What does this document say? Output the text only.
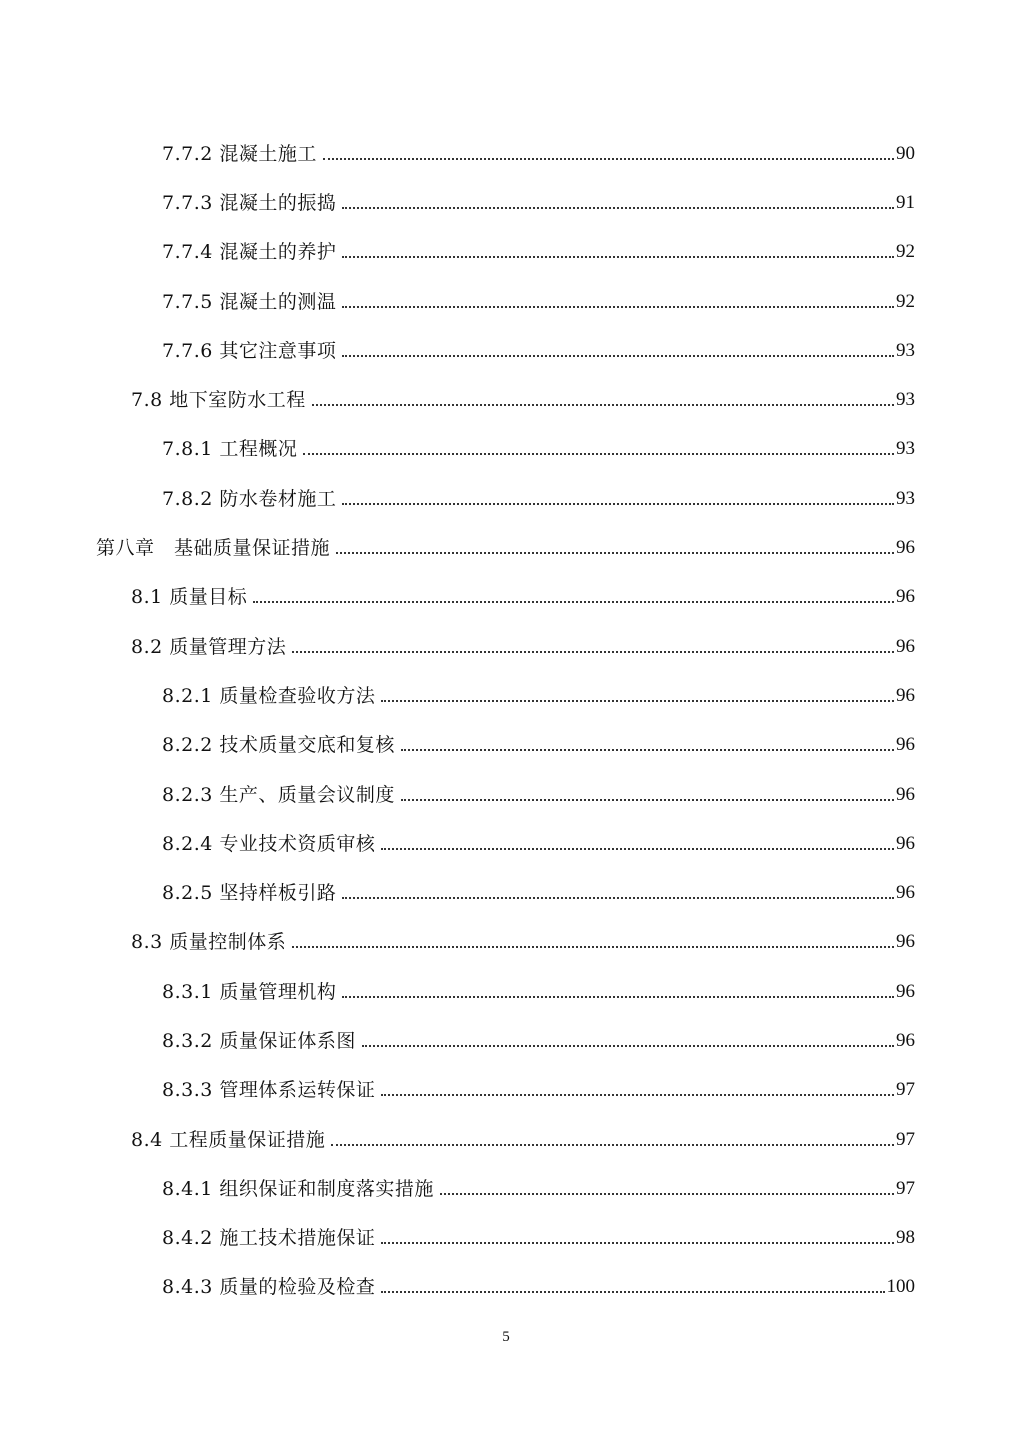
7.7.2 混凝土施工	90
7.7.3 混凝土的振捣	91
7.7.4 混凝土的养护	92
7.7.5 混凝土的测温	92
7.7.6 其它注意事项	93
7.8 地下室防水工程	93
7.8.1 工程概况	93
7.8.2 防水卷材施工	93
第八章　基础质量保证措施	96
8.1 质量目标	96
8.2 质量管理方法	96
8.2.1 质量检查验收方法	96
8.2.2 技术质量交底和复核	96
8.2.3 生产、质量会议制度	96
8.2.4 专业技术资质审核	96
8.2.5 坚持样板引路	96
8.3 质量控制体系	96
8.3.1 质量管理机构	96
8.3.2 质量保证体系图	96
8.3.3 管理体系运转保证	97
8.4 工程质量保证措施	97
8.4.1 组织保证和制度落实措施	97
8.4.2 施工技术措施保证	98
8.4.3 质量的检验及检查	100
5
